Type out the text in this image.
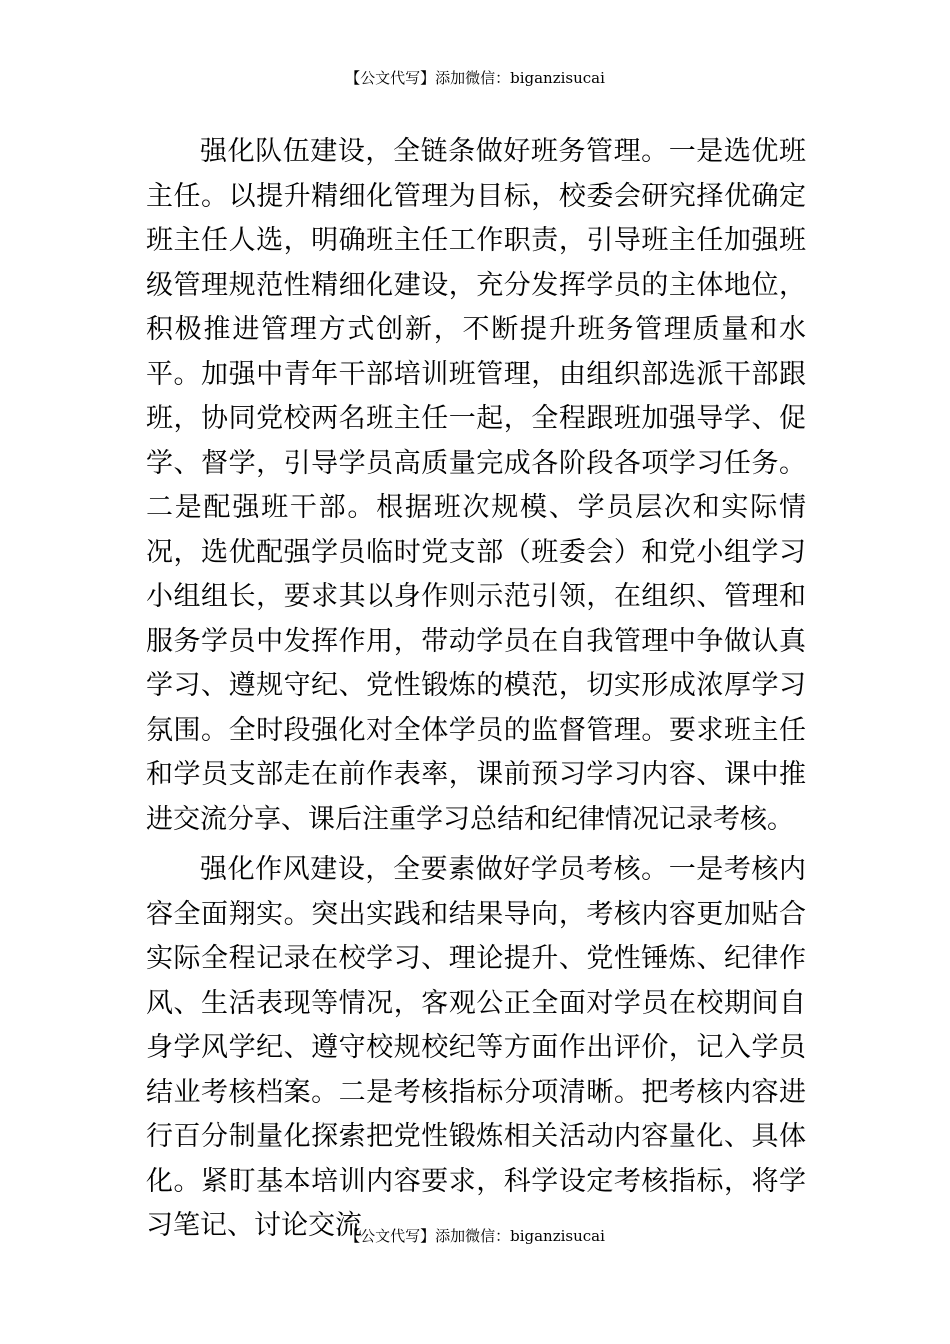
【公文代写】添加微信：biganzisucai

强化队伍建设，全链条做好班务管理。一是选优班主任。以提升精细化管理为目标，校委会研究择优确定班主任人选，明确班主任工作职责，引导班主任加强班级管理规范性精细化建设，充分发挥学员的主体地位，积极推进管理方式创新，不断提升班务管理质量和水平。加强中青年干部培训班管理，由组织部选派干部跟班，协同党校两名班主任一起，全程跟班加强导学、促学、督学，引导学员高质量完成各阶段各项学习任务。二是配强班干部。根据班次规模、学员层次和实际情况，选优配强学员临时党支部（班委会）和党小组学习小组组长，要求其以身作则示范引领，在组织、管理和服务学员中发挥作用，带动学员在自我管理中争做认真学习、遵规守纪、党性锻炼的模范，切实形成浓厚学习氛围。全时段强化对全体学员的监督管理。要求班主任和学员支部走在前作表率，课前预习学习内容、课中推进交流分享、课后注重学习总结和纪律情况记录考核。

强化作风建设，全要素做好学员考核。一是考核内容全面翔实。突出实践和结果导向，考核内容更加贴合实际全程记录在校学习、理论提升、党性锤炼、纪律作风、生活表现等情况，客观公正全面对学员在校期间自身学风学纪、遵守校规校纪等方面作出评价，记入学员结业考核档案。二是考核指标分项清晰。把考核内容进行百分制量化探索把党性锻炼相关活动内容量化、具体化。紧盯基本培训内容要求，科学设定考核指标，将学习笔记、讨论交流

【公文代写】添加微信：biganzisucai
